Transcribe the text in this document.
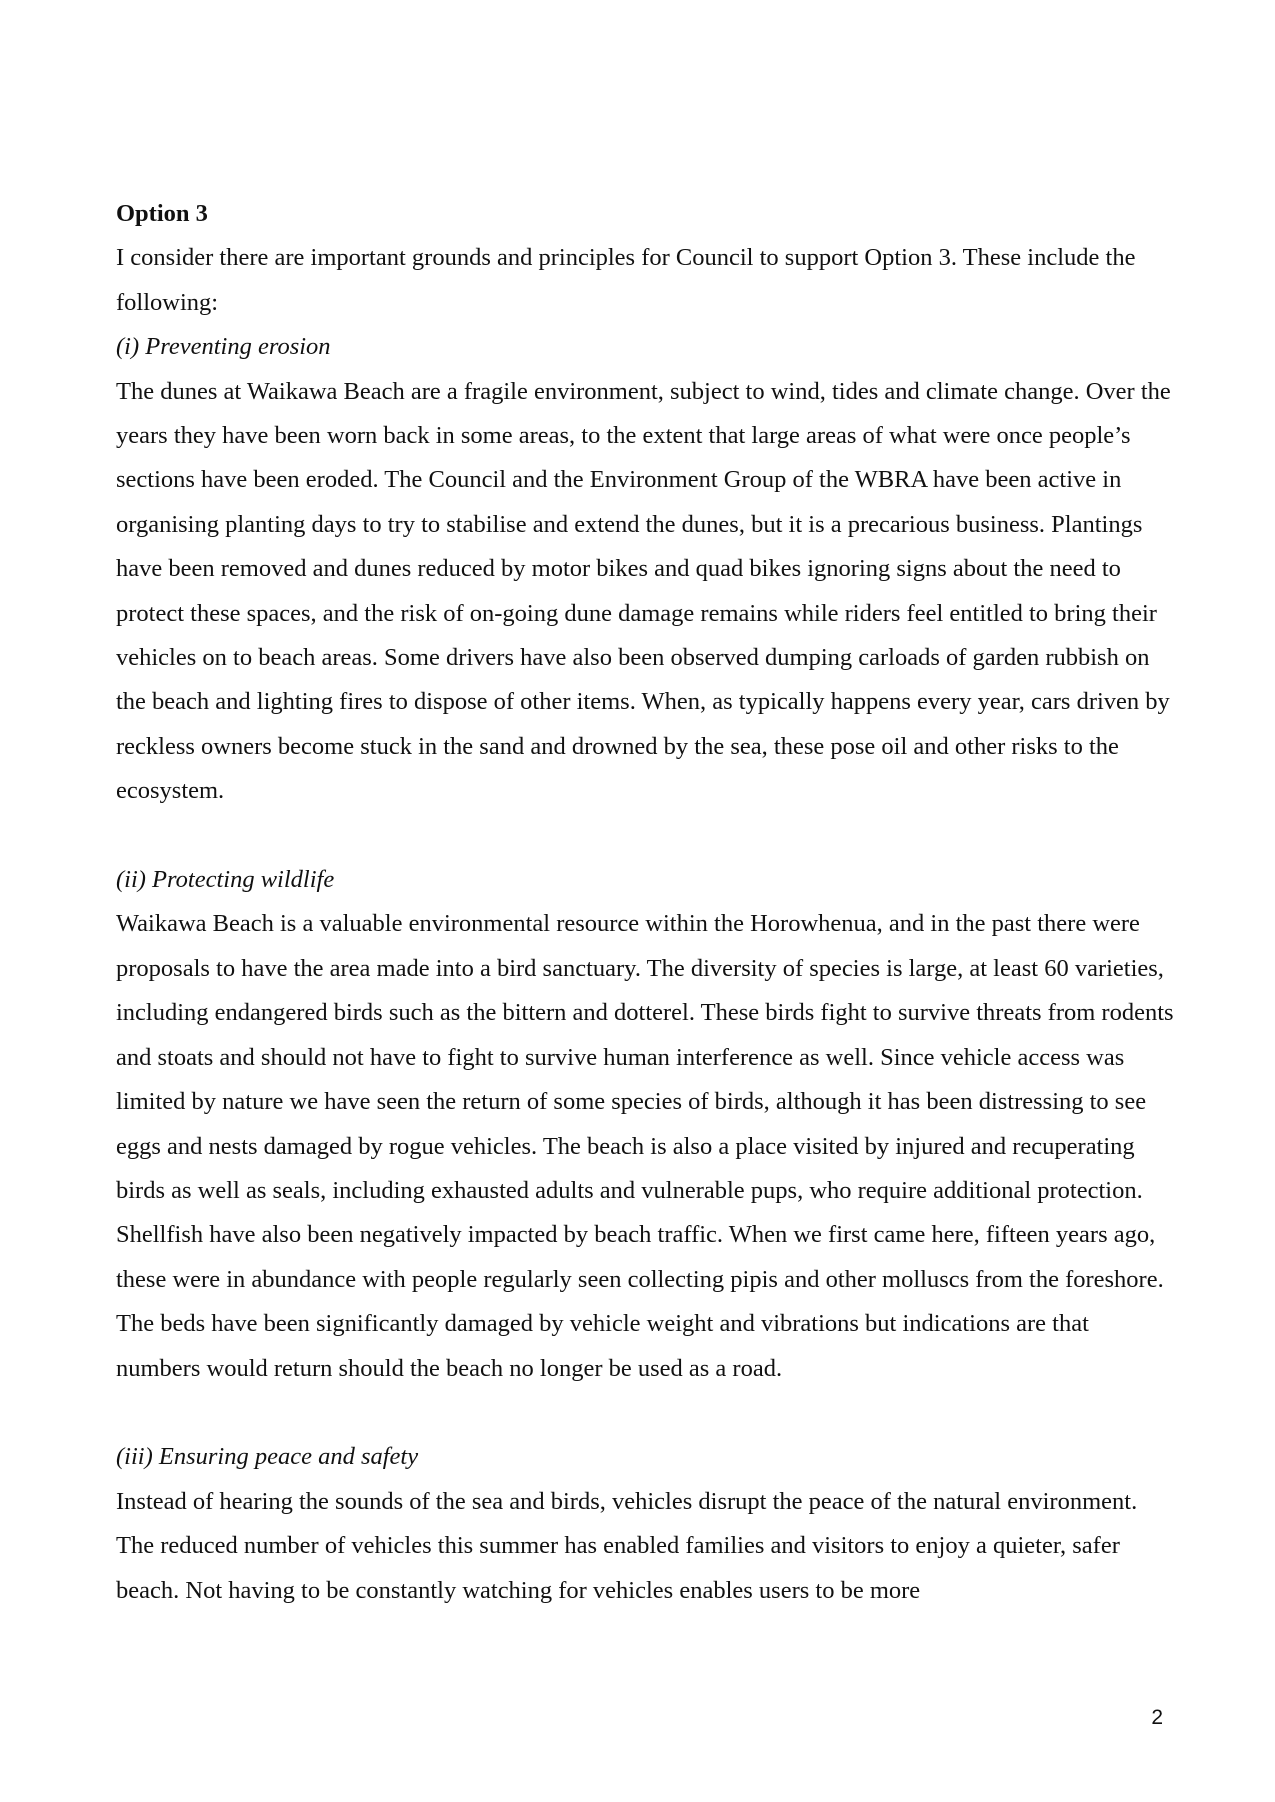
Option 3

I consider there are important grounds and principles for Council to support Option 3. These include the following:

(i) Preventing erosion

The dunes at Waikawa Beach are a fragile environment, subject to wind, tides and climate change. Over the years they have been worn back in some areas, to the extent that large areas of what were once people’s sections have been eroded. The Council and the Environment Group of the WBRA have been active in organising planting days to try to stabilise and extend the dunes, but it is a precarious business. Plantings have been removed and dunes reduced by motor bikes and quad bikes ignoring signs about the need to protect these spaces, and the risk of on-going dune damage remains while riders feel entitled to bring their vehicles on to beach areas. Some drivers have also been observed dumping carloads of garden rubbish on the beach and lighting fires to dispose of other items. When, as typically happens every year, cars driven by reckless owners become stuck in the sand and drowned by the sea, these pose oil and other risks to the ecosystem.

(ii) Protecting wildlife

Waikawa Beach is a valuable environmental resource within the Horowhenua, and in the past there were proposals to have the area made into a bird sanctuary. The diversity of species is large, at least 60 varieties, including endangered birds such as the bittern and dotterel. These birds fight to survive threats from rodents and stoats and should not have to fight to survive human interference as well. Since vehicle access was limited by nature we have seen the return of some species of birds, although it has been distressing to see eggs and nests damaged by rogue vehicles. The beach is also a place visited by injured and recuperating birds as well as seals, including exhausted adults and vulnerable pups, who require additional protection. Shellfish have also been negatively impacted by beach traffic. When we first came here, fifteen years ago, these were in abundance with people regularly seen collecting pipis and other molluscs from the foreshore. The beds have been significantly damaged by vehicle weight and vibrations but indications are that numbers would return should the beach no longer be used as a road.

(iii) Ensuring peace and safety

Instead of hearing the sounds of the sea and birds, vehicles disrupt the peace of the natural environment. The reduced number of vehicles this summer has enabled families and visitors to enjoy a quieter, safer beach. Not having to be constantly watching for vehicles enables users to be more

2
